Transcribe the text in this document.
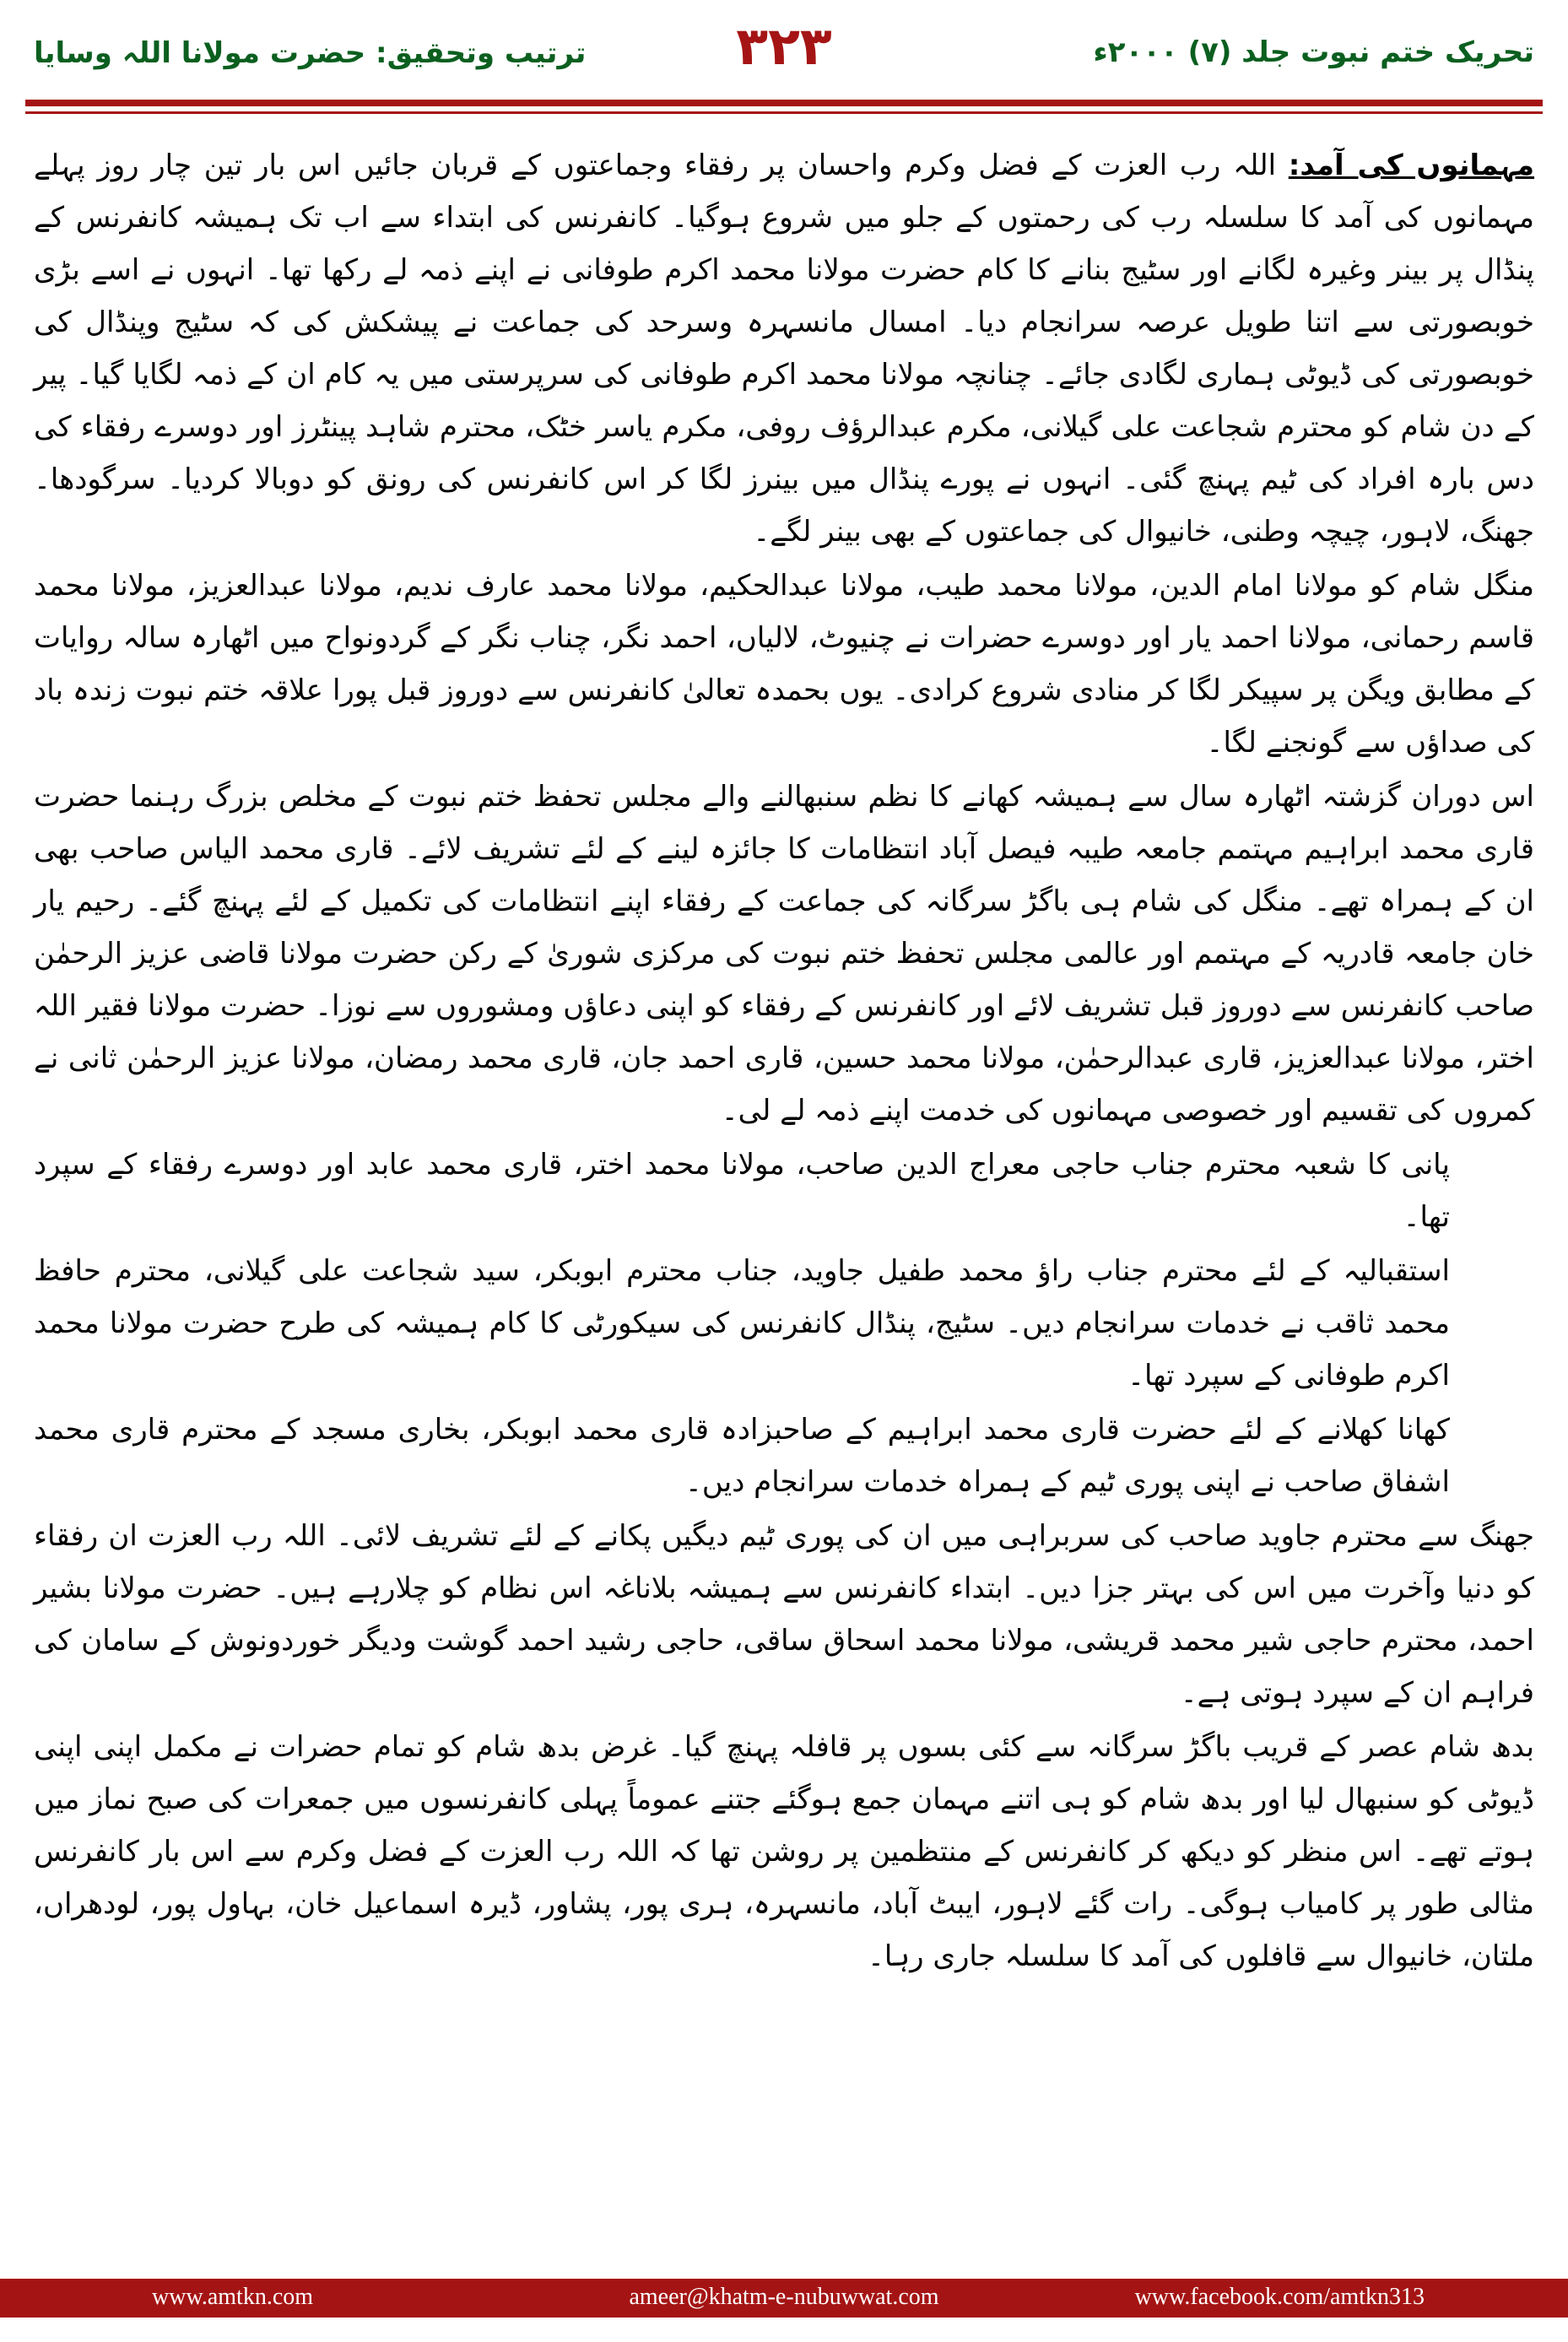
تحریک ختم نبوت جلد (۷) ۲۰۰۰ء
۳۲۳
ترتیب وتحقیق: حضرت مولانا اللہ وسایا

مہمانوں کی آمد: اللہ رب العزت کے فضل وکرم واحسان پر رفقاء وجماعتوں کے قربان جائیں اس بار تین چار روز پہلے مہمانوں کی آمد کا سلسلہ رب کی رحمتوں کے جلو میں شروع ہوگیا۔ کانفرنس کی ابتداء سے اب تک ہمیشہ کانفرنس کے پنڈال پر بینر وغیرہ لگانے اور سٹیج بنانے کا کام حضرت مولانا محمد اکرم طوفانی نے اپنے ذمہ لے رکھا تھا۔ انہوں نے اسے بڑی خوبصورتی سے اتنا طویل عرصہ سرانجام دیا۔ امسال مانسہرہ وسرحد کی جماعت نے پیشکش کی کہ سٹیج وپنڈال کی خوبصورتی کی ڈیوٹی ہماری لگادی جائے۔ چنانچہ مولانا محمد اکرم طوفانی کی سرپرستی میں یہ کام ان کے ذمہ لگایا گیا۔ پیر کے دن شام کو محترم شجاعت علی گیلانی، مکرم عبدالرؤف روفی، مکرم یاسر خٹک، محترم شاہد پینٹرز اور دوسرے رفقاء کی دس بارہ افراد کی ٹیم پہنچ گئی۔ انہوں نے پورے پنڈال میں بینرز لگا کر اس کانفرنس کی رونق کو دوبالا کردیا۔ سرگودھا۔ جھنگ، لاہور، چیچہ وطنی، خانیوال کی جماعتوں کے بھی بینر لگے۔

منگل شام کو مولانا امام الدین، مولانا محمد طیب، مولانا عبدالحکیم، مولانا محمد عارف ندیم، مولانا عبدالعزیز، مولانا محمد قاسم رحمانی، مولانا احمد یار اور دوسرے حضرات نے چنیوٹ، لالیاں، احمد نگر، چناب نگر کے گردونواح میں اٹھارہ سالہ روایات کے مطابق ویگن پر سپیکر لگا کر منادی شروع کرادی۔ یوں بحمدہ تعالیٰ کانفرنس سے دوروز قبل پورا علاقہ ختم نبوت زندہ باد کی صداؤں سے گونجنے لگا۔

اس دوران گزشتہ اٹھارہ سال سے ہمیشہ کھانے کا نظم سنبھالنے والے مجلس تحفظ ختم نبوت کے مخلص بزرگ رہنما حضرت قاری محمد ابراہیم مہتمم جامعہ طیبہ فیصل آباد انتظامات کا جائزہ لینے کے لئے تشریف لائے۔ قاری محمد الیاس صاحب بھی ان کے ہمراہ تھے۔ منگل کی شام ہی باگڑ سرگانہ کی جماعت کے رفقاء اپنے انتظامات کی تکمیل کے لئے پہنچ گئے۔ رحیم یار خان جامعہ قادریہ کے مہتمم اور عالمی مجلس تحفظ ختم نبوت کی مرکزی شوریٰ کے رکن حضرت مولانا قاضی عزیز الرحمٰن صاحب کانفرنس سے دوروز قبل تشریف لائے اور کانفرنس کے رفقاء کو اپنی دعاؤں ومشوروں سے نوزا۔ حضرت مولانا فقیر اللہ اختر، مولانا عبدالعزیز، قاری عبدالرحمٰن، مولانا محمد حسین، قاری احمد جان، قاری محمد رمضان، مولانا عزیز الرحمٰن ثانی نے کمروں کی تقسیم اور خصوصی مہمانوں کی خدمت اپنے ذمہ لے لی۔

پانی کا شعبہ محترم جناب حاجی معراج الدین صاحب، مولانا محمد اختر، قاری محمد عابد اور دوسرے رفقاء کے سپرد تھا۔

استقبالیہ کے لئے محترم جناب راؤ محمد طفیل جاوید، جناب محترم ابوبکر، سید شجاعت علی گیلانی، محترم حافظ محمد ثاقب نے خدمات سرانجام دیں۔ سٹیج، پنڈال کانفرنس کی سیکورٹی کا کام ہمیشہ کی طرح حضرت مولانا محمد اکرم طوفانی کے سپرد تھا۔

کھانا کھلانے کے لئے حضرت قاری محمد ابراہیم کے صاحبزادہ قاری محمد ابوبکر، بخاری مسجد کے محترم قاری محمد اشفاق صاحب نے اپنی پوری ٹیم کے ہمراہ خدمات سرانجام دیں۔

جھنگ سے محترم جاوید صاحب کی سربراہی میں ان کی پوری ٹیم دیگیں پکانے کے لئے تشریف لائی۔ اللہ رب العزت ان رفقاء کو دنیا وآخرت میں اس کی بہتر جزا دیں۔ ابتداء کانفرنس سے ہمیشہ بلاناغہ اس نظام کو چلارہے ہیں۔ حضرت مولانا بشیر احمد، محترم حاجی شیر محمد قریشی، مولانا محمد اسحاق ساقی، حاجی رشید احمد گوشت ودیگر خوردونوش کے سامان کی فراہم ان کے سپرد ہوتی ہے۔

بدھ شام عصر کے قریب باگڑ سرگانہ سے کئی بسوں پر قافلہ پہنچ گیا۔ غرض بدھ شام کو تمام حضرات نے مکمل اپنی اپنی ڈیوٹی کو سنبھال لیا اور بدھ شام کو ہی اتنے مہمان جمع ہوگئے جتنے عموماً پہلی کانفرنسوں میں جمعرات کی صبح نماز میں ہوتے تھے۔ اس منظر کو دیکھ کر کانفرنس کے منتظمین پر روشن تھا کہ اللہ رب العزت کے فضل وکرم سے اس بار کانفرنس مثالی طور پر کامیاب ہوگی۔ رات گئے لاہور، ایبٹ آباد، مانسہرہ، ہری پور، پشاور، ڈیرہ اسماعیل خان، بہاول پور، لودھراں، ملتان، خانیوال سے قافلوں کی آمد کا سلسلہ جاری رہا۔

www.amtkn.com	ameer@khatm-e-nubuwwat.com	www.facebook.com/amtkn313
